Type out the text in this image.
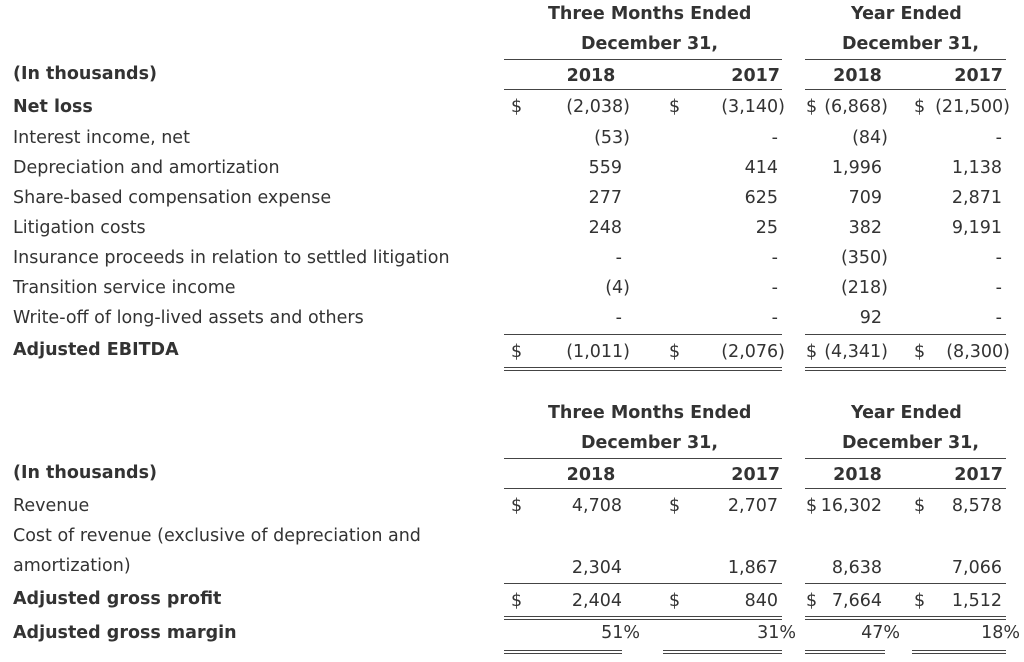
Three Months Ended
December 31,
Year Ended
December 31,
(In thousands)	2018	2017	2018	2017
Net loss	$	(2,038) $	(3,140) $ (6,868) $ (21,500)
Interest income, net	(53)	-	(84)	-
Depreciation and amortization	559	414	1,996	1,138
Share-based compensation expense	277	625	709	2,871
Litigation costs	248	25	382	9,191
Insurance proceeds in relation to settled litigation	-	-	(350)	-
Transition service income	(4)	-	(218)	-
Write-off of long-lived assets and others	-	-	92	-
Adjusted EBITDA	$	(1,011) $	(2,076) $ (4,341) $	(8,300)
Three Months Ended
December 31,
Year Ended
December 31,
(In thousands)	2018	2017	2018	2017
Revenue	$	4,708	$	2,707 $ 16,302 $	8,578
Cost of revenue (exclusive of depreciation and
amortization)	2,304	1,867	8,638	7,066
Adjusted gross profit	$	2,404	$	840 $ 7,664 $	1,512
Adjusted gross margin	51%	31%	47%	18%
